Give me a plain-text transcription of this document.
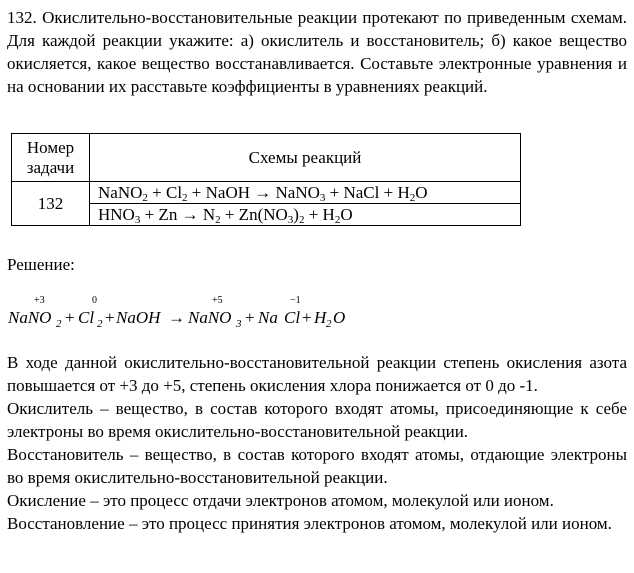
132. Окислительно-восстановительные реакции протекают по приведенным схемам. Для каждой реакции укажите: а) окислитель и восстановитель; б) какое вещество окисляется, какое вещество восстанавливается. Составьте электронные уравнения и на основании их расставьте коэффициенты в уравнениях реакций.

Номер задачи	Схемы реакций
132	NaNO$_2$ + $Cl_2$ + NaOH → NaNO$_3$ + NaCl + $H_2O$
	$HNO_3 + Zn \to N_2 + Zn(NO_3)_2 + H_2O$

Решение:

+3	0	+5	−1
NaNO 2 + Cl 2 + NaOH → NaNO 3 + Na Cl + H 2 O
В ходе данной окислительно-восстановительной реакции степень окисления азота повышается от +3 до +5, степень окисления хлора понижается от 0 до -1.
Окислитель – вещество, в состав которого входят атомы, присоединяющие к себе электроны во время окислительно-восстановительной реакции.
Восстановитель – вещество, в состав которого входят атомы, отдающие электроны во время окислительно-восстановительной реакции.
Окисление – это процесс отдачи электронов атомом, молекулой или ионом.
Восстановление – это процесс принятия электронов атомом, молекулой или ионом.
